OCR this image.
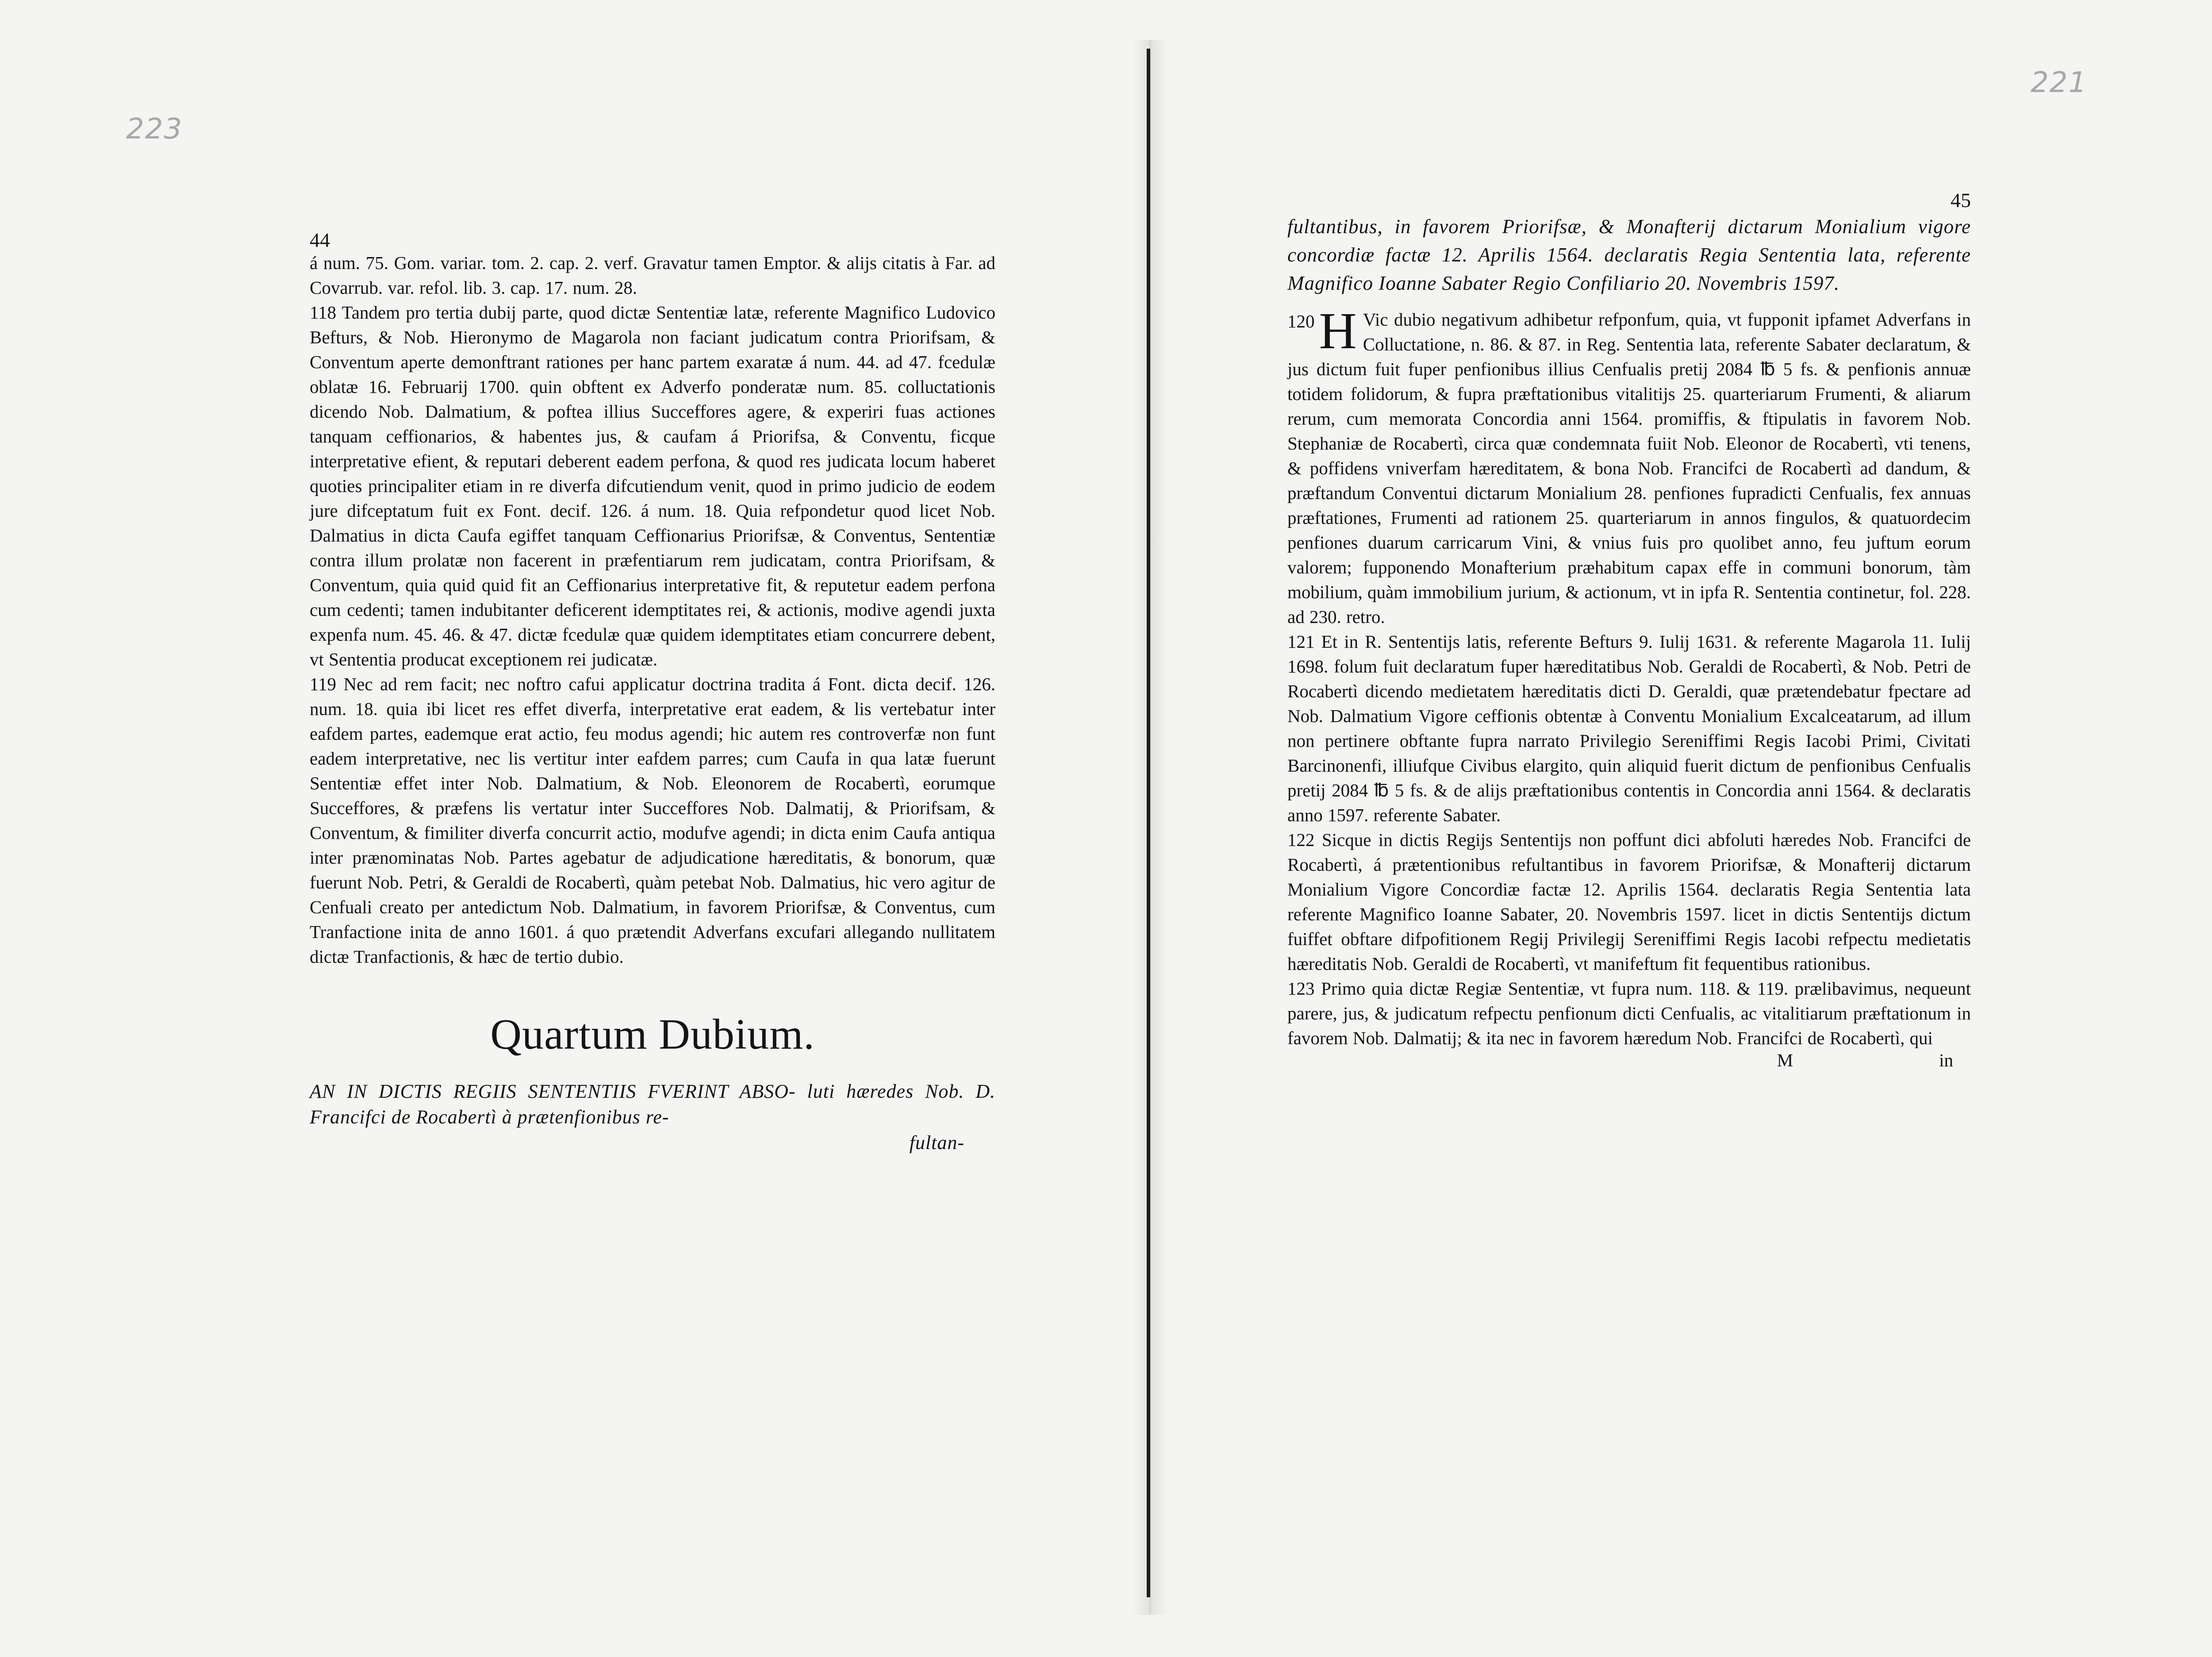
223
221
44

á num. 75. Gom. variar. tom. 2. cap. 2. verf. Gravatur tamen Emptor. & alijs citatis à Far. ad Covarrub. var. refol. lib. 3. cap. 17. num. 28.

118 Tandem pro tertia dubij parte, quod dictæ Sententiæ latæ, referente Magnifico Ludovico Befturs, & Nob. Hieronymo de Magarola non faciant judicatum contra Priorifsam, & Conventum aperte demonftrant rationes per hanc partem exaratæ á num. 44. ad 47. fcedulæ oblatæ 16. Februarij 1700. quin obftent ex Adverfo ponderatæ num. 85. colluctationis dicendo Nob. Dalmatium, & poftea illius Succeffores agere, & experiri fuas actiones tanquam ceffionarios, & habentes jus, & caufam á Priorifsa, & Conventu, ficque interpretative efient, & reputari deberent eadem perfona, & quod res judicata locum haberet quoties principaliter etiam in re diverfa difcutiendum venit, quod in primo judicio de eodem jure difceptatum fuit ex Font. decif. 126. á num. 18. Quia refpondetur quod licet Nob. Dalmatius in dicta Caufa egiffet tanquam Ceffionarius Priorifsæ, & Conventus, Sententiæ contra illum prolatæ non facerent in præfentiarum rem judicatam, contra Priorifsam, & Conventum, quia quid quid fit an Ceffionarius interpretative fit, & reputetur eadem perfona cum cedenti; tamen indubitanter deficerent idemptitates rei, & actionis, modive agendi juxta expenfa num. 45. 46. & 47. dictæ fcedulæ quæ quidem idemptitates etiam concurrere debent, vt Sententia producat exceptionem rei judicatæ.

119 Nec ad rem facit; nec noftro cafui applicatur doctrina tradita á Font. dicta decif. 126. num. 18. quia ibi licet res effet diverfa, interpretative erat eadem, & lis vertebatur inter eafdem partes, eademque erat actio, feu modus agendi; hic autem res controverfæ non funt eadem interpretative, nec lis vertitur inter eafdem parres; cum Caufa in qua latæ fuerunt Sententiæ effet inter Nob. Dalmatium, & Nob. Eleonorem de Rocabertì, eorumque Succeffores, & præfens lis vertatur inter Succeffores Nob. Dalmatij, & Priorifsam, & Conventum, & fimiliter diverfa concurrit actio, modufve agendi; in dicta enim Caufa antiqua inter prænominatas Nob. Partes agebatur de adjudicatione hæreditatis, & bonorum, quæ fuerunt Nob. Petri, & Geraldi de Rocabertì, quàm petebat Nob. Dalmatius, hic vero agitur de Cenfuali creato per antedictum Nob. Dalmatium, in favorem Priorifsæ, & Conventus, cum Tranfactione inita de anno 1601. á quo prætendit Adverfans excufari allegando nullitatem dictæ Tranfactionis, & hæc de tertio dubio.

Quartum Dubium.
AN IN DICTIS REGIIS SENTENTIIS FVERINT ABSO- luti hæredes Nob. D. Francifci de Rocabertì à prætenfionibus re-
fultan-
45
fultantibus, in favorem Priorifsæ, & Monafterij dictarum Monialium vigore concordiæ factæ 12. Aprilis 1564. declaratis Regia Sententia lata, referente Magnifico Ioanne Sabater Regio Confiliario 20. Novembris 1597.

120 H Vic dubio negativum adhibetur refponfum, quia, vt fupponit ipfamet Adverfans in Colluctatione, n. 86. & 87. in Reg. Sententia lata, referente Sabater declaratum, & jus dictum fuit fuper penfionibus illius Cenfualis pretij 2084 ℔ 5 fs. & penfionis annuæ totidem folidorum, & fupra præftationibus vitalitijs 25. quarteriarum Frumenti, & aliarum rerum, cum memorata Concordia anni 1564. promiffis, & ftipulatis in favorem Nob. Stephaniæ de Rocabertì, circa quæ condemnata fuiit Nob. Eleonor de Rocabertì, vti tenens, & poffidens vniverfam hæreditatem, & bona Nob. Francifci de Rocabertì ad dandum, & præftandum Conventui dictarum Monialium 28. penfiones fupradicti Cenfualis, fex annuas præftationes, Frumenti ad rationem 25. quarteriarum in annos fingulos, & quatuordecim penfiones duarum carricarum Vini, & vnius fuis pro quolibet anno, feu juftum eorum valorem; fupponendo Monafterium præhabitum capax effe in communi bonorum, tàm mobilium, quàm immobilium jurium, & actionum, vt in ipfa R. Sententia continetur, fol. 228. ad 230. retro.

121 Et in R. Sententijs latis, referente Befturs 9. Iulij 1631. & referente Magarola 11. Iulij 1698. folum fuit declaratum fuper hæreditatibus Nob. Geraldi de Rocabertì, & Nob. Petri de Rocabertì dicendo medietatem hæreditatis dicti D. Geraldi, quæ prætendebatur fpectare ad Nob. Dalmatium Vigore ceffionis obtentæ à Conventu Monialium Excalceatarum, ad illum non pertinere obftante fupra narrato Privilegio Sereniffimi Regis Iacobi Primi, Civitati Barcinonenfi, illiufque Civibus elargito, quin aliquid fuerit dictum de penfionibus Cenfualis pretij 2084 ℔ 5 fs. & de alijs præftationibus contentis in Concordia anni 1564. & declaratis anno 1597. referente Sabater.

122 Sicque in dictis Regijs Sententijs non poffunt dici abfoluti hæredes Nob. Francifci de Rocabertì, á prætentionibus refultantibus in favorem Priorifsæ, & Monafterij dictarum Monialium Vigore Concordiæ factæ 12. Aprilis 1564. declaratis Regia Sententia lata referente Magnifico Ioanne Sabater, 20. Novembris 1597. licet in dictis Sententijs dictum fuiffet obftare difpofitionem Regij Privilegij Sereniffimi Regis Iacobi refpectu medietatis hæreditatis Nob. Geraldi de Rocabertì, vt manifeftum fit fequentibus rationibus.

123 Primo quia dictæ Regiæ Sententiæ, vt fupra num. 118. & 119. prælibavimus, nequeunt parere, jus, & judicatum refpectu penfionum dicti Cenfualis, ac vitalitiarum præftationum in favorem Nob. Dalmatij; & ita nec in favorem hæredum Nob. Francifci de Rocabertì, qui

M	in
